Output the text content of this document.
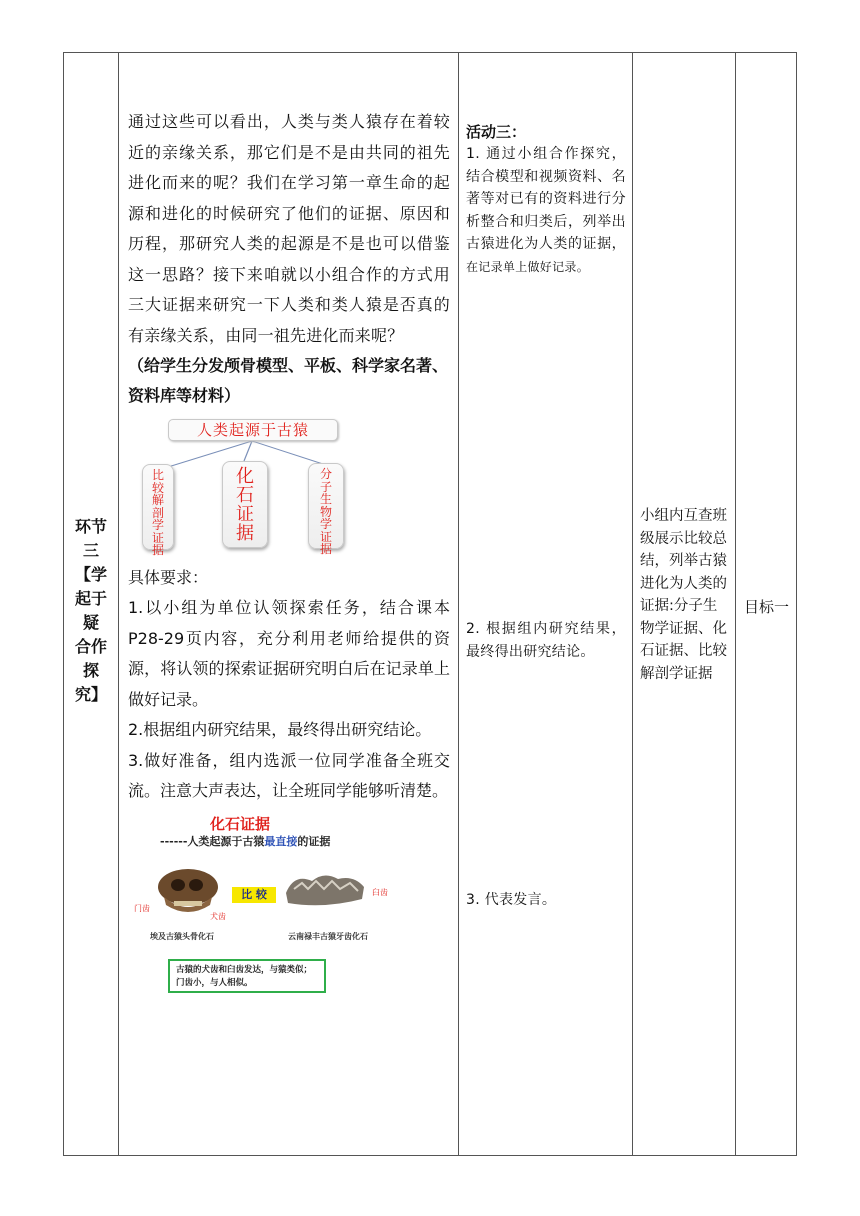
环节
三
【学
起于
疑
合作
探
究】
通过这些可以看出，人类与类人猿存在着较近的亲缘关系，那它们是不是由共同的祖先进化而来的呢？我们在学习第一章生命的起源和进化的时候研究了他们的证据、原因和历程，那研究人类的起源是不是也可以借鉴这一思路？接下来咱就以小组合作的方式用三大证据来研究一下人类和类人猿是否真的有亲缘关系，由同一祖先进化而来呢？
（给学生分发颅骨模型、平板、科学家名著、资料库等材料）
人类起源于古猿
比
较
解
剖
学
证
据
化
石
证
据
分
子
生
物
学
证
据
具体要求：
1.以小组为单位认领探索任务，结合课本P28-29页内容，充分利用老师给提供的资源，将认领的探索证据研究明白后在记录单上做好记录。
2.根据组内研究结果，最终得出研究结论。
3.做好准备，组内选派一位同学准备全班交流。注意大声表达，让全班同学能够听清楚。
化石证据
------人类起源于古猿最直接的证据
门齿
犬齿
比 较	臼齿
埃及古猿头骨化石	云南禄丰古猿牙齿化石
古猿的犬齿和臼齿发达，与猿类似；门齿小，与人相似。
活动三：
1. 通过小组合作探究，结合模型和视频资料、名著等对已有的资料进行分析整合和归类后，列举出古猿进化为人类的证据，在记录单上做好记录。
2. 根据组内研究结果，最终得出研究结论。
3. 代表发言。
小组内互查班级展示比较总结，列举古猿进化为人类的证据:分子生物学证据、化石证据、比较解剖学证据
目标一
